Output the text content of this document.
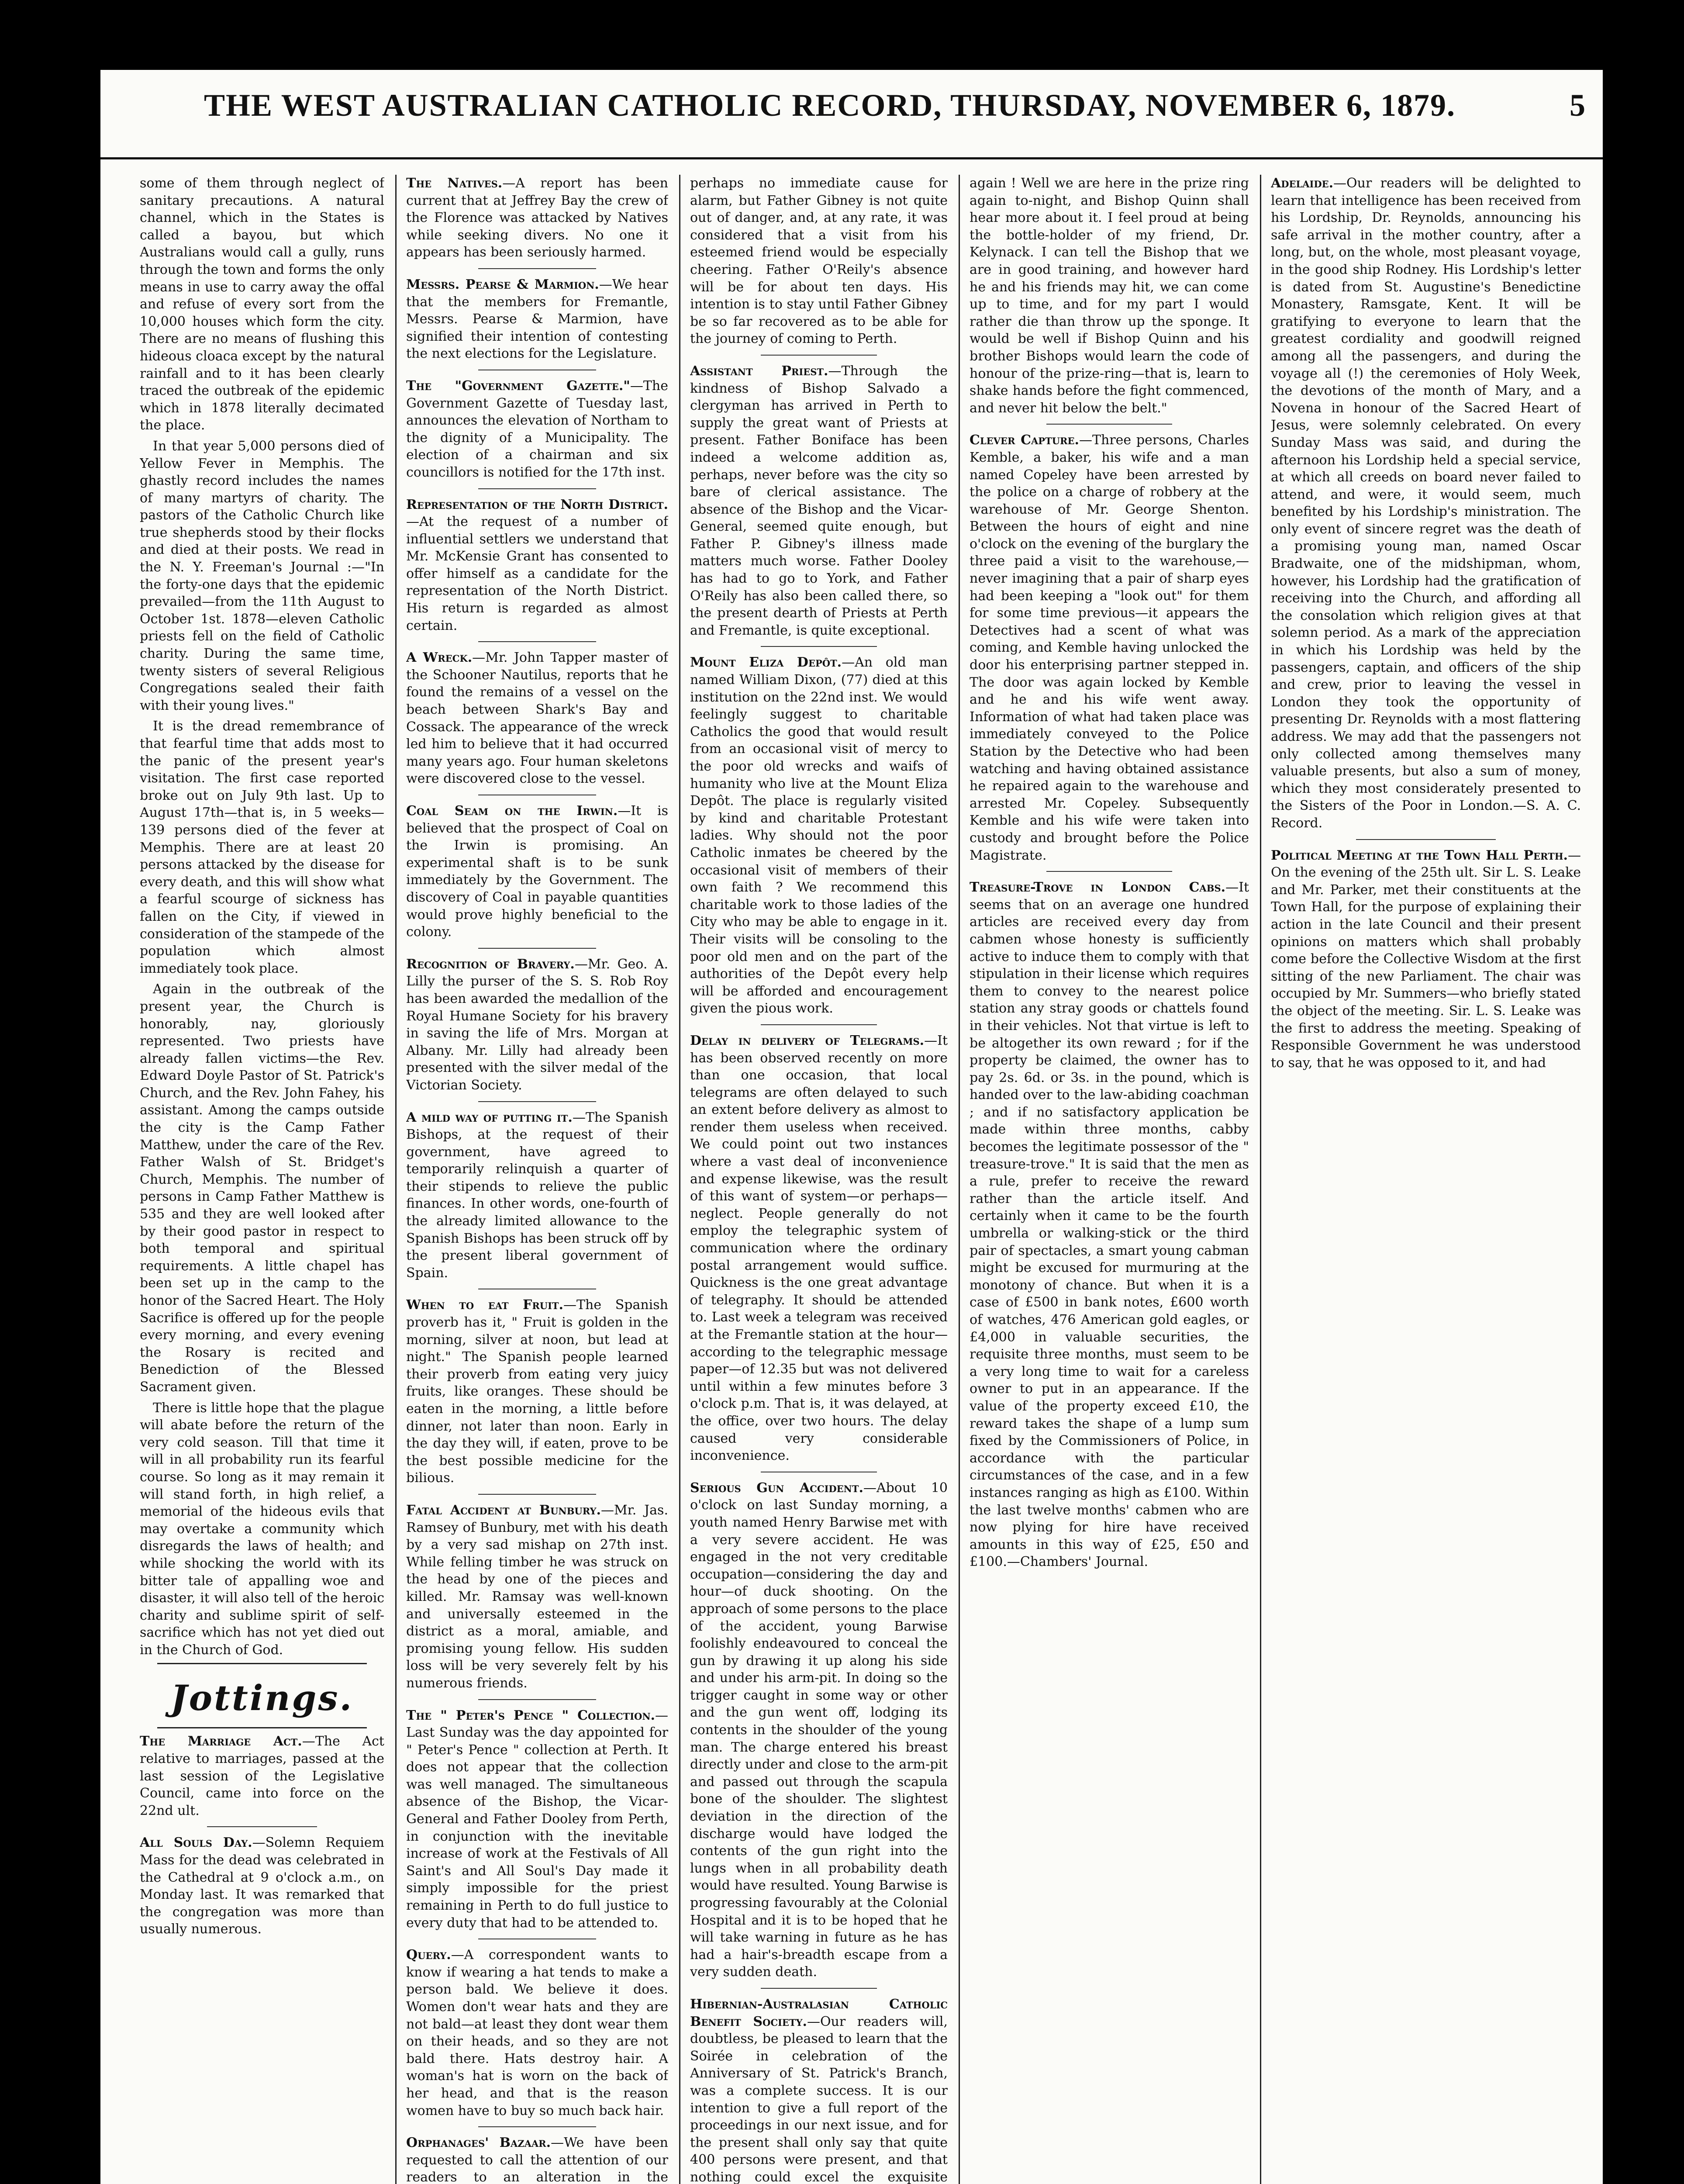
THE WEST AUSTRALIAN CATHOLIC RECORD, THURSDAY, NOVEMBER 6, 1879.	5

some of them through neglect of sanitary precautions. A natural channel, which in the States is called a bayou, but which Australians would call a gully, runs through the town and forms the only means in use to carry away the offal and refuse of every sort from the 10,000 houses which form the city. There are no means of flushing this hideous cloaca except by the natural rainfall and to it has been clearly traced the outbreak of the epidemic which in 1878 literally decimated the place.

In that year 5,000 persons died of Yellow Fever in Memphis. The ghastly record includes the names of many martyrs of charity. The pastors of the Catholic Church like true shepherds stood by their flocks and died at their posts. We read in the N. Y. Freeman's Journal :—"In the forty-one days that the epidemic prevailed—from the 11th August to October 1st. 1878—eleven Catholic priests fell on the field of Catholic charity. During the same time, twenty sisters of several Religious Congregations sealed their faith with their young lives."

It is the dread remembrance of that fearful time that adds most to the panic of the present year's visitation. The first case reported broke out on July 9th last. Up to August 17th—that is, in 5 weeks—139 persons died of the fever at Memphis. There are at least 20 persons attacked by the disease for every death, and this will show what a fearful scourge of sickness has fallen on the City, if viewed in consideration of the stampede of the population which almost immediately took place.

Again in the outbreak of the present year, the Church is honorably, nay, gloriously represented. Two priests have already fallen victims—the Rev. Edward Doyle Pastor of St. Patrick's Church, and the Rev. John Fahey, his assistant. Among the camps outside the city is the Camp Father Matthew, under the care of the Rev. Father Walsh of St. Bridget's Church, Memphis. The number of persons in Camp Father Matthew is 535 and they are well looked after by their good pastor in respect to both temporal and spiritual requirements. A little chapel has been set up in the camp to the honor of the Sacred Heart. The Holy Sacrifice is offered up for the people every morning, and every evening the Rosary is recited and Benediction of the Blessed Sacrament given.

There is little hope that the plague will abate before the return of the very cold season. Till that time it will in all probability run its fearful course. So long as it may remain it will stand forth, in high relief, a memorial of the hideous evils that may overtake a community which disregards the laws of health; and while shocking the world with its bitter tale of appalling woe and disaster, it will also tell of the heroic charity and sublime spirit of self-sacrifice which has not yet died out in the Church of God.

Jottings.

The Marriage Act.—The Act relative to marriages, passed at the last session of the Legislative Council, came into force on the 22nd ult.

All Souls Day.—Solemn Requiem Mass for the dead was celebrated in the Cathedral at 9 o'clock a.m., on Monday last. It was remarked that the congregation was more than usually numerous.

The Natives.—A report has been current that at Jeffrey Bay the crew of the Florence was attacked by Natives while seeking divers. No one it appears has been seriously harmed.

Messrs. Pearse & Marmion.—We hear that the members for Fremantle, Messrs. Pearse & Marmion, have signified their intention of contesting the next elections for the Legislature.

The "Government Gazette."—The Government Gazette of Tuesday last, announces the elevation of Northam to the dignity of a Municipality. The election of a chairman and six councillors is notified for the 17th inst.

Representation of the North District.—At the request of a number of influential settlers we understand that Mr. McKensie Grant has consented to offer himself as a candidate for the representation of the North District. His return is regarded as almost certain.

A Wreck.—Mr. John Tapper master of the Schooner Nautilus, reports that he found the remains of a vessel on the beach between Shark's Bay and Cossack. The appearance of the wreck led him to believe that it had occurred many years ago. Four human skeletons were discovered close to the vessel.

Coal Seam on the Irwin.—It is believed that the prospect of Coal on the Irwin is promising. An experimental shaft is to be sunk immediately by the Government. The discovery of Coal in payable quantities would prove highly beneficial to the colony.

Recognition of Bravery.—Mr. Geo. A. Lilly the purser of the S. S. Rob Roy has been awarded the medallion of the Royal Humane Society for his bravery in saving the life of Mrs. Morgan at Albany. Mr. Lilly had already been presented with the silver medal of the Victorian Society.

A mild way of putting it.—The Spanish Bishops, at the request of their government, have agreed to temporarily relinquish a quarter of their stipends to relieve the public finances. In other words, one-fourth of the already limited allowance to the Spanish Bishops has been struck off by the present liberal government of Spain.

When to eat Fruit.—The Spanish proverb has it, " Fruit is golden in the morning, silver at noon, but lead at night." The Spanish people learned their proverb from eating very juicy fruits, like oranges. These should be eaten in the morning, a little before dinner, not later than noon. Early in the day they will, if eaten, prove to be the best possible medicine for the bilious.

Fatal Accident at Bunbury.—Mr. Jas. Ramsey of Bunbury, met with his death by a very sad mishap on 27th inst. While felling timber he was struck on the head by one of the pieces and killed. Mr. Ramsay was well-known and universally esteemed in the district as a moral, amiable, and promising young fellow. His sudden loss will be very severely felt by his numerous friends.

The " Peter's Pence " Collection.—Last Sunday was the day appointed for " Peter's Pence " collection at Perth. It does not appear that the collection was well managed. The simultaneous absence of the Bishop, the Vicar-General and Father Dooley from Perth, in conjunction with the inevitable increase of work at the Festivals of All Saint's and All Soul's Day made it simply impossible for the priest remaining in Perth to do full justice to every duty that had to be attended to.

Query.—A correspondent wants to know if wearing a hat tends to make a person bald. We believe it does. Women don't wear hats and they are not bald—at least they dont wear them on their heads, and so they are not bald there. Hats destroy hair. A woman's hat is worn on the back of her head, and that is the reason women have to buy so much back hair.

Orphanages' Bazaar.—We have been requested to call the attention of our readers to an alteration in the

perhaps no immediate cause for alarm, but Father Gibney is not quite out of danger, and, at any rate, it was considered that a visit from his esteemed friend would be especially cheering. Father O'Reily's absence will be for about ten days. His intention is to stay until Father Gibney be so far recovered as to be able for the journey of coming to Perth.

Assistant Priest.—Through the kindness of Bishop Salvado a clergyman has arrived in Perth to supply the great want of Priests at present. Father Boniface has been indeed a welcome addition as, perhaps, never before was the city so bare of clerical assistance. The absence of the Bishop and the Vicar-General, seemed quite enough, but Father P. Gibney's illness made matters much worse. Father Dooley has had to go to York, and Father O'Reily has also been called there, so the present dearth of Priests at Perth and Fremantle, is quite exceptional.

Mount Eliza Depôt.—An old man named William Dixon, (77) died at this institution on the 22nd inst. We would feelingly suggest to charitable Catholics the good that would result from an occasional visit of mercy to the poor old wrecks and waifs of humanity who live at the Mount Eliza Depôt. The place is regularly visited by kind and charitable Protestant ladies. Why should not the poor Catholic inmates be cheered by the occasional visit of members of their own faith ? We recommend this charitable work to those ladies of the City who may be able to engage in it. Their visits will be consoling to the poor old men and on the part of the authorities of the Depôt every help will be afforded and encouragement given the pious work.

Delay in delivery of Telegrams.—It has been observed recently on more than one occasion, that local telegrams are often delayed to such an extent before delivery as almost to render them useless when received. We could point out two instances where a vast deal of inconvenience and expense likewise, was the result of this want of system—or perhaps—neglect. People generally do not employ the telegraphic system of communication where the ordinary postal arrangement would suffice. Quickness is the one great advantage of telegraphy. It should be attended to. Last week a telegram was received at the Fremantle station at the hour—according to the telegraphic message paper—of 12.35 but was not delivered until within a few minutes before 3 o'clock p.m. That is, it was delayed, at the office, over two hours. The delay caused very considerable inconvenience.

Serious Gun Accident.—About 10 o'clock on last Sunday morning, a youth named Henry Barwise met with a very severe accident. He was engaged in the not very creditable occupation—considering the day and hour—of duck shooting. On the approach of some persons to the place of the accident, young Barwise foolishly endeavoured to conceal the gun by drawing it up along his side and under his arm-pit. In doing so the trigger caught in some way or other and the gun went off, lodging its contents in the shoulder of the young man. The charge entered his breast directly under and close to the arm-pit and passed out through the scapula bone of the shoulder. The slightest deviation in the direction of the discharge would have lodged the contents of the gun right into the lungs when in all probability death would have resulted. Young Barwise is progressing favourably at the Colonial Hospital and it is to be hoped that he will take warning in future as he has had a hair's-breadth escape from a very sudden death.

Hibernian-Australasian Catholic Benefit Society.—Our readers will, doubtless, be pleased to learn that the Soirée in celebration of the Anniversary of St. Patrick's Branch, was a complete success. It is our intention to give a full report of the proceedings in our next issue, and for the present shall only say that quite 400 persons were present, and that nothing could excel the exquisite

again ! Well we are here in the prize ring again to-night, and Bishop Quinn shall hear more about it. I feel proud at being the bottle-holder of my friend, Dr. Kelynack. I can tell the Bishop that we are in good training, and however hard he and his friends may hit, we can come up to time, and for my part I would rather die than throw up the sponge. It would be well if Bishop Quinn and his brother Bishops would learn the code of honour of the prize-ring—that is, learn to shake hands before the fight commenced, and never hit below the belt."

Clever Capture.—Three persons, Charles Kemble, a baker, his wife and a man named Copeley have been arrested by the police on a charge of robbery at the warehouse of Mr. George Shenton. Between the hours of eight and nine o'clock on the evening of the burglary the three paid a visit to the warehouse,—never imagining that a pair of sharp eyes had been keeping a "look out" for them for some time previous—it appears the Detectives had a scent of what was coming, and Kemble having unlocked the door his enterprising partner stepped in. The door was again locked by Kemble and he and his wife went away. Information of what had taken place was immediately conveyed to the Police Station by the Detective who had been watching and having obtained assistance he repaired again to the warehouse and arrested Mr. Copeley. Subsequently Kemble and his wife were taken into custody and brought before the Police Magistrate.

Treasure-Trove in London Cabs.—It seems that on an average one hundred articles are received every day from cabmen whose honesty is sufficiently active to induce them to comply with that stipulation in their license which requires them to convey to the nearest police station any stray goods or chattels found in their vehicles. Not that virtue is left to be altogether its own reward ; for if the property be claimed, the owner has to pay 2s. 6d. or 3s. in the pound, which is handed over to the law-abiding coachman ; and if no satisfactory application be made within three months, cabby becomes the legitimate possessor of the " treasure-trove." It is said that the men as a rule, prefer to receive the reward rather than the article itself. And certainly when it came to be the fourth umbrella or walking-stick or the third pair of spectacles, a smart young cabman might be excused for murmuring at the monotony of chance. But when it is a case of £500 in bank notes, £600 worth of watches, 476 American gold eagles, or £4,000 in valuable securities, the requisite three months, must seem to be a very long time to wait for a careless owner to put in an appearance. If the value of the property exceed £10, the reward takes the shape of a lump sum fixed by the Commissioners of Police, in accordance with the particular circumstances of the case, and in a few instances ranging as high as £100. Within the last twelve months' cabmen who are now plying for hire have received amounts in this way of £25, £50 and £100.—Chambers' Journal.

Adelaide.—Our readers will be delighted to learn that intelligence has been received from his Lordship, Dr. Reynolds, announcing his safe arrival in the mother country, after a long, but, on the whole, most pleasant voyage, in the good ship Rodney. His Lordship's letter is dated from St. Augustine's Benedictine Monastery, Ramsgate, Kent. It will be gratifying to everyone to learn that the greatest cordiality and goodwill reigned among all the passengers, and during the voyage all (!) the ceremonies of Holy Week, the devotions of the month of Mary, and a Novena in honour of the Sacred Heart of Jesus, were solemnly celebrated. On every Sunday Mass was said, and during the afternoon his Lordship held a special service, at which all creeds on board never failed to attend, and were, it would seem, much benefited by his Lordship's ministration. The only event of sincere regret was the death of a promising young man, named Oscar Bradwaite, one of the midshipman, whom, however, his Lordship had the gratification of receiving into the Church, and affording all the consolation which religion gives at that solemn period. As a mark of the appreciation in which his Lordship was held by the passengers, captain, and officers of the ship and crew, prior to leaving the vessel in London they took the opportunity of presenting Dr. Reynolds with a most flattering address. We may add that the passengers not only collected among themselves many valuable presents, but also a sum of money, which they most considerately presented to the Sisters of the Poor in London.—S. A. C. Record.

Political Meeting at the Town Hall Perth.—On the evening of the 25th ult. Sir L. S. Leake and Mr. Parker, met their constituents at the Town Hall, for the purpose of explaining their action in the late Council and their present opinions on matters which shall probably come before the Collective Wisdom at the first sitting of the new Parliament. The chair was occupied by Mr. Summers—who briefly stated the object of the meeting. Sir. L. S. Leake was the first to address the meeting. Speaking of Responsible Government he was understood to say, that he was opposed to it, and had
